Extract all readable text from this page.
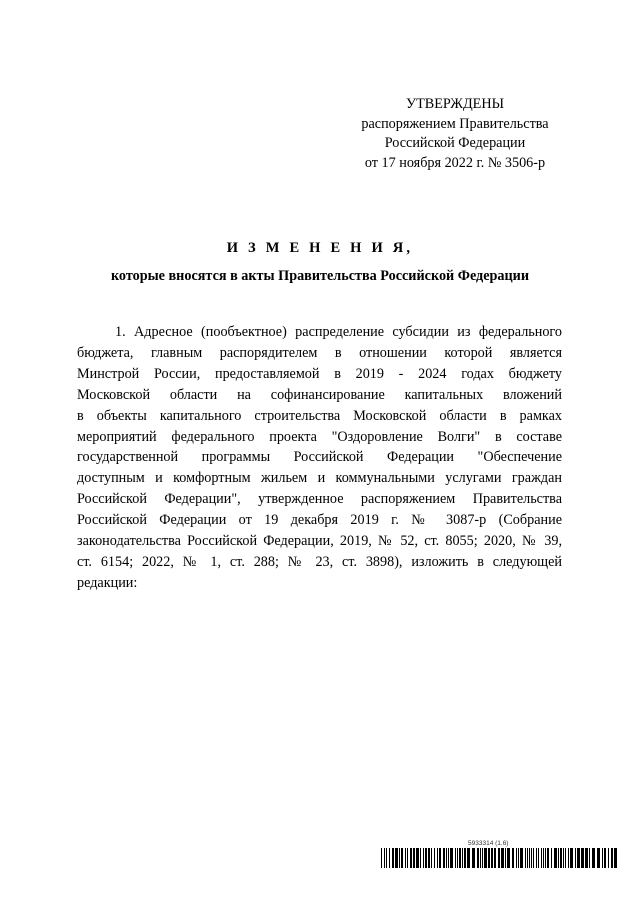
УТВЕРЖДЕНЫ
распоряжением Правительства
Российской Федерации
от 17 ноября 2022 г. № 3506-р
И З М Е Н Е Н И Я,
которые вносятся в акты Правительства Российской Федерации
1. Адресное (пообъектное) распределение субсидии из федерального
бюджета, главным распорядителем в отношении которой является
Минстрой России, предоставляемой в 2019 - 2024 годах бюджету
Московской области на софинансирование капитальных вложений
в объекты капитального строительства Московской области в рамках
мероприятий федерального проекта "Оздоровление Волги" в составе
государственной программы Российской Федерации "Обеспечение
доступным и комфортным жильем и коммунальными услугами граждан
Российской Федерации", утвержденное распоряжением Правительства
Российской Федерации от 19 декабря 2019 г. № 3087-р (Собрание
законодательства Российской Федерации, 2019, № 52, ст. 8055; 2020, № 39,
ст. 6154; 2022, № 1, ст. 288; № 23, ст. 3898), изложить в следующей
редакции:
5933314 (1.6)
